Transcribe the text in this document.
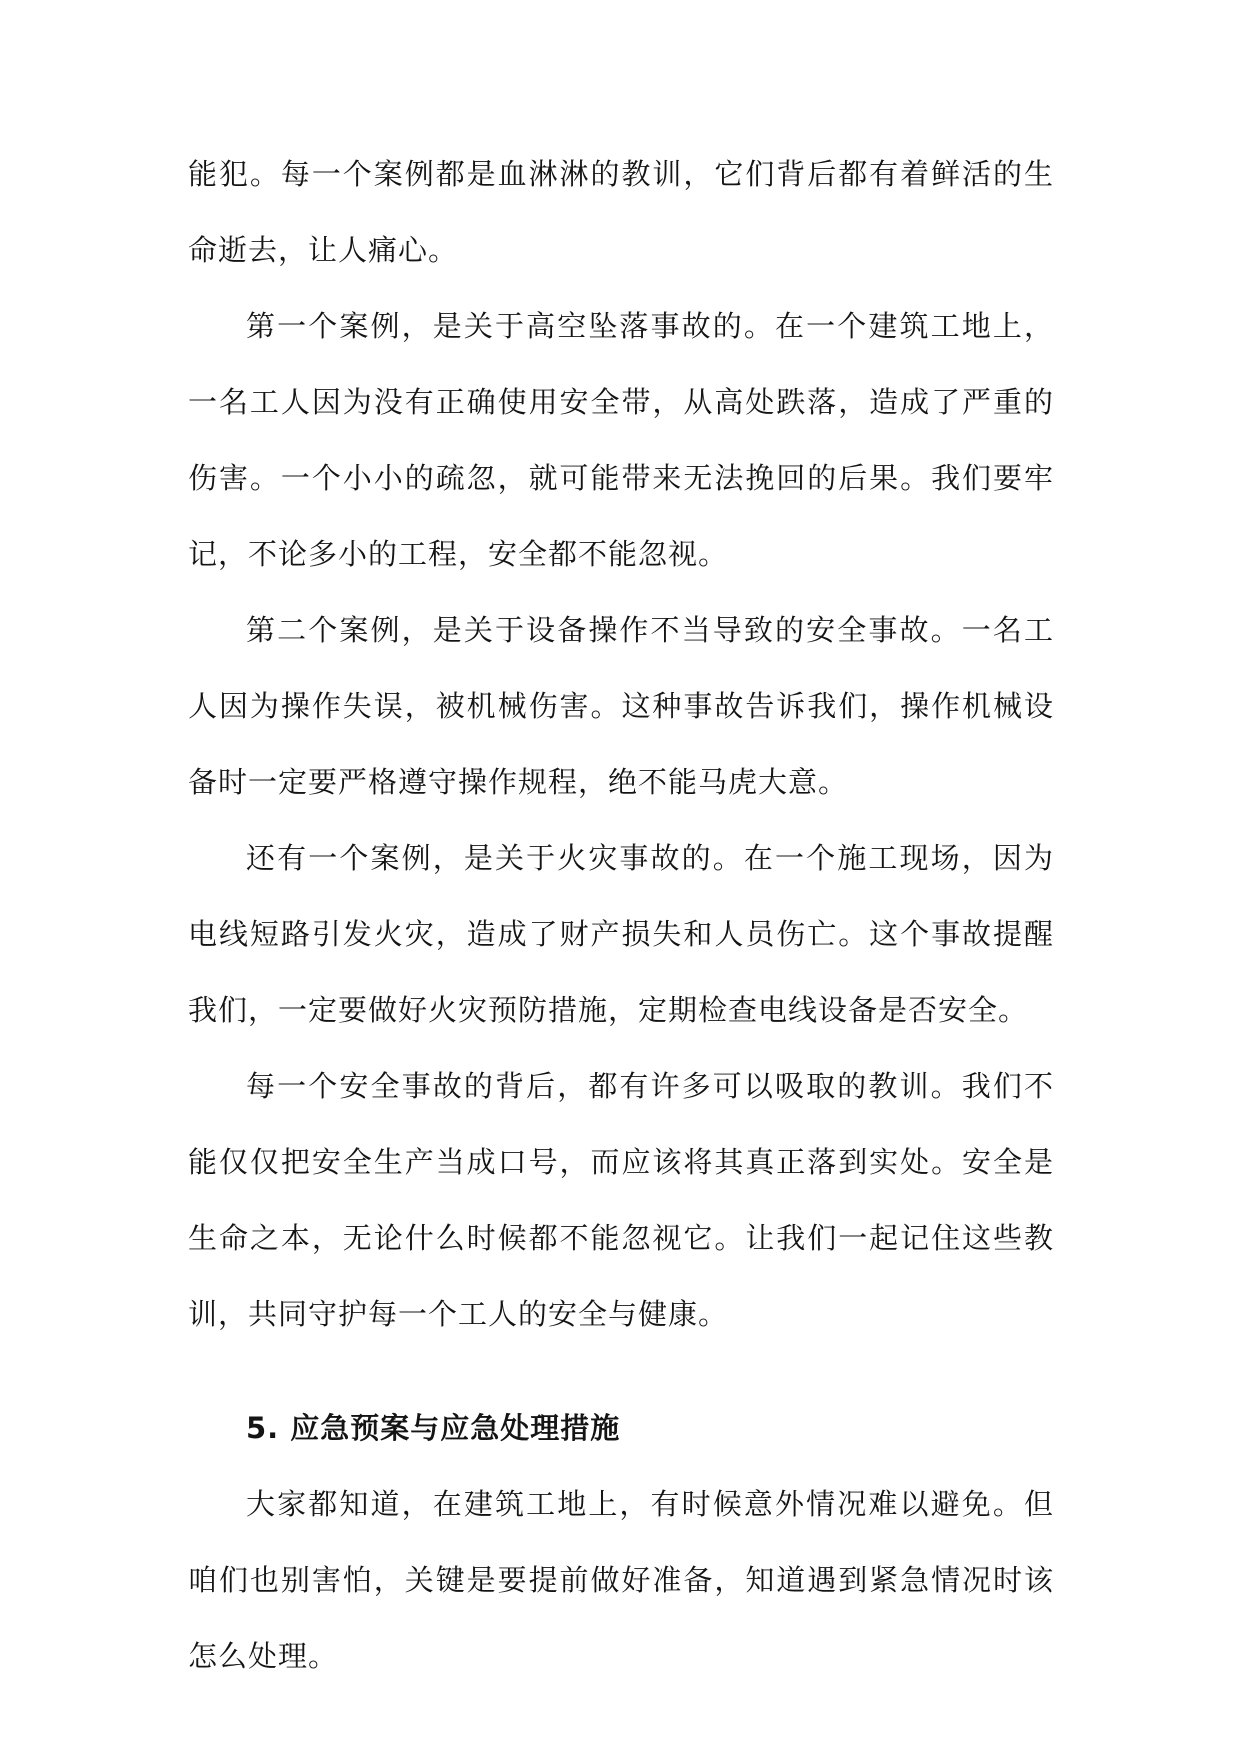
能犯。每一个案例都是血淋淋的教训，它们背后都有着鲜活的生命逝去，让人痛心。

第一个案例，是关于高空坠落事故的。在一个建筑工地上，一名工人因为没有正确使用安全带，从高处跌落，造成了严重的伤害。一个小小的疏忽，就可能带来无法挽回的后果。我们要牢记，不论多小的工程，安全都不能忽视。

第二个案例，是关于设备操作不当导致的安全事故。一名工人因为操作失误，被机械伤害。这种事故告诉我们，操作机械设备时一定要严格遵守操作规程，绝不能马虎大意。

还有一个案例，是关于火灾事故的。在一个施工现场，因为电线短路引发火灾，造成了财产损失和人员伤亡。这个事故提醒我们，一定要做好火灾预防措施，定期检查电线设备是否安全。

每一个安全事故的背后，都有许多可以吸取的教训。我们不能仅仅把安全生产当成口号，而应该将其真正落到实处。安全是生命之本，无论什么时候都不能忽视它。让我们一起记住这些教训，共同守护每一个工人的安全与健康。

5. 应急预案与应急处理措施

大家都知道，在建筑工地上，有时候意外情况难以避免。但咱们也别害怕，关键是要提前做好准备，知道遇到紧急情况时该怎么处理。
